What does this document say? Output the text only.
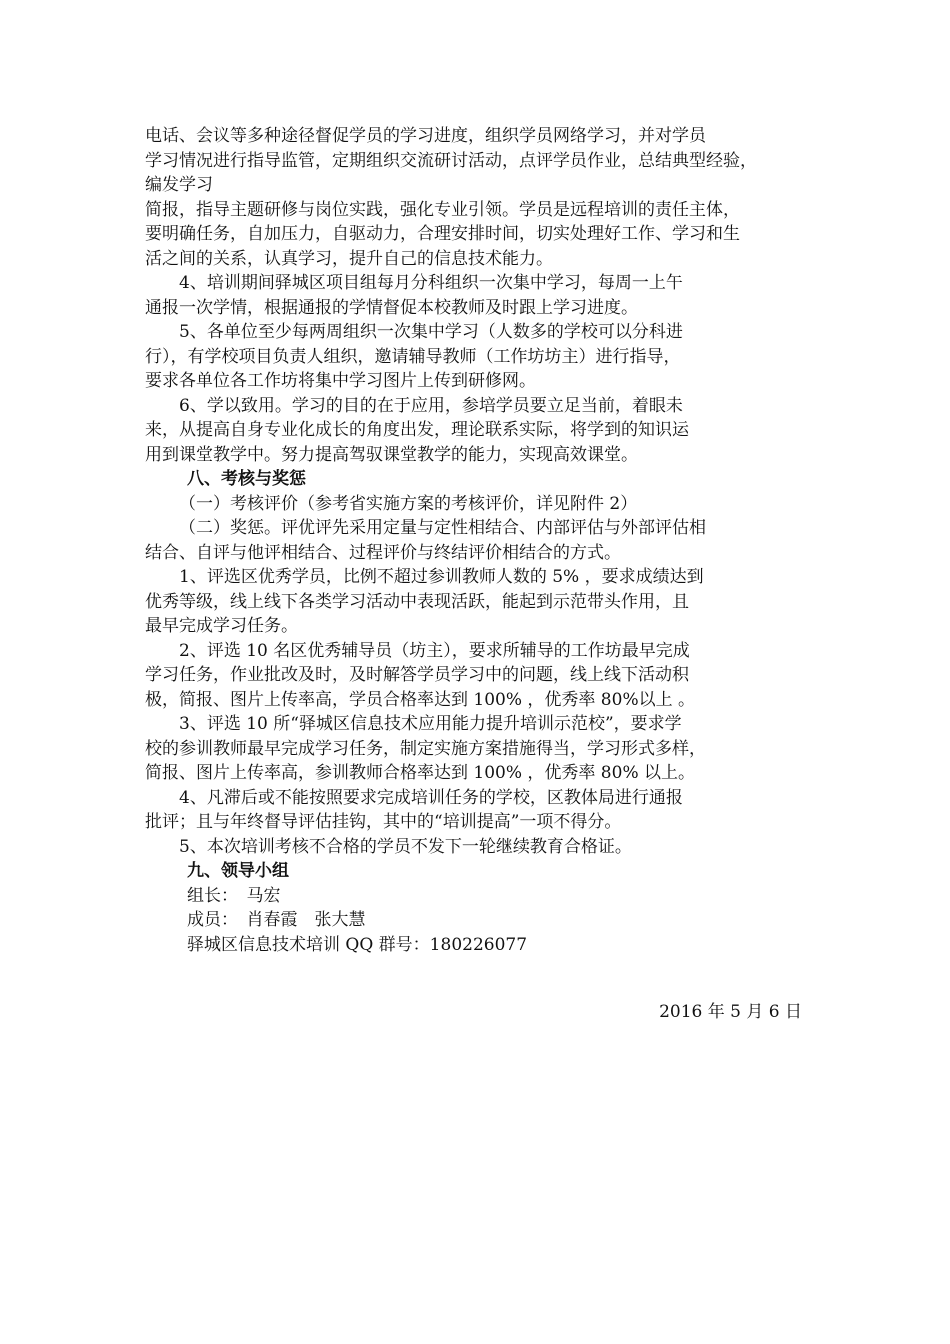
电话、会议等多种途径督促学员的学习进度，组织学员网络学习，并对学员
学习情况进行指导监管，定期组织交流研讨活动，点评学员作业，总结典型经验，
编发学习
简报，指导主题研修与岗位实践，强化专业引领。学员是远程培训的责任主体，
要明确任务，自加压力，自驱动力，合理安排时间，切实处理好工作、学习和生
活之间的关系，认真学习，提升自己的信息技术能力。
4、培训期间驿城区项目组每月分科组织一次集中学习，每周一上午
通报一次学情，根据通报的学情督促本校教师及时跟上学习进度。
5、各单位至少每两周组织一次集中学习（人数多的学校可以分科进
行），有学校项目负责人组织，邀请辅导教师（工作坊坊主）进行指导，
要求各单位各工作坊将集中学习图片上传到研修网。
6、学以致用。学习的目的在于应用，参培学员要立足当前，着眼未
来，从提高自身专业化成长的角度出发，理论联系实际，将学到的知识运
用到课堂教学中。努力提高驾驭课堂教学的能力，实现高效课堂。
八、考核与奖惩
（一）考核评价（参考省实施方案的考核评价，详见附件 2）
（二）奖惩。评优评先采用定量与定性相结合、内部评估与外部评估相
结合、自评与他评相结合、过程评价与终结评价相结合的方式。
1、评选区优秀学员，比例不超过参训教师人数的 5% ，要求成绩达到
优秀等级，线上线下各类学习活动中表现活跃，能起到示范带头作用，且
最早完成学习任务。
2、评选 10 名区优秀辅导员（坊主），要求所辅导的工作坊最早完成
学习任务，作业批改及时，及时解答学员学习中的问题，线上线下活动积
极，简报、图片上传率高，学员合格率达到 100% ，优秀率 80%以上 。
3、评选 10 所“驿城区信息技术应用能力提升培训示范校”，要求学
校的参训教师最早完成学习任务，制定实施方案措施得当，学习形式多样，
简报、图片上传率高，参训教师合格率达到 100% ，优秀率 80% 以上。
4、凡滞后或不能按照要求完成培训任务的学校，区教体局进行通报
批评；且与年终督导评估挂钩，其中的“培训提高”一项不得分。
5、本次培训考核不合格的学员不发下一轮继续教育合格证。
九、领导小组
组长：　马宏
成员：　肖春霞　张大慧
驿城区信息技术培训 QQ 群号：180226077
2016 年 5 月 6 日
